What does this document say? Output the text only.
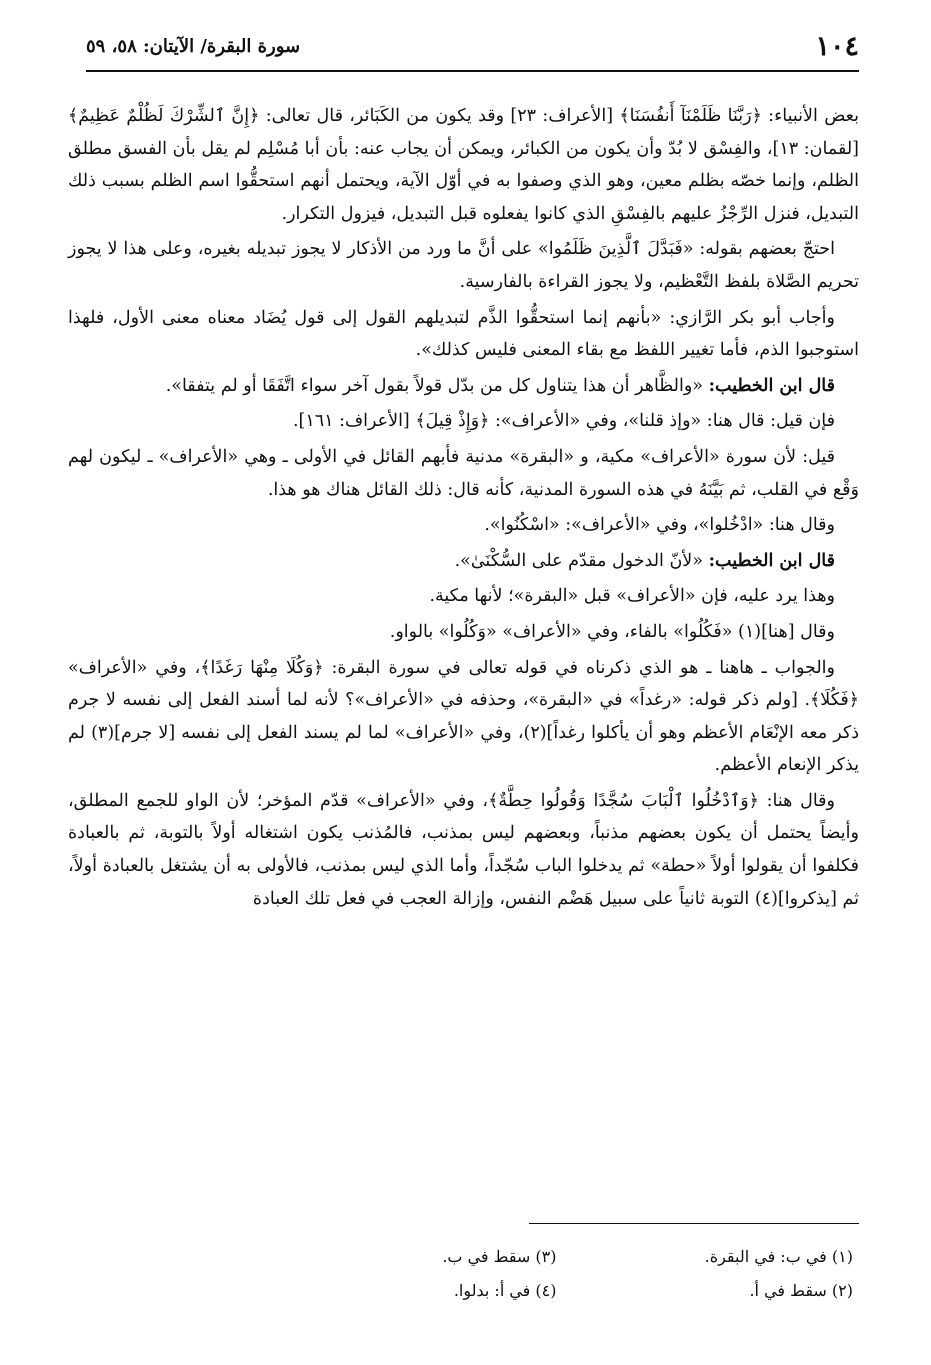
١٠٤
سورة البقرة/ الآيتان: ٥٨، ٥٩

بعض الأنبياء: ﴿رَبَّنَا ظَلَمْنَآ أَنفُسَنَا﴾ [الأعراف: ٢٣] وقد يكون من الكَبَائر، قال تعالى: ﴿إِنَّ ٱلشِّرْكَ لَظُلْمٌ عَظِيمٌ﴾ [لقمان: ١٣]، والفِسْق لا بُدّ وأن يكون من الكبائر، ويمكن أن يجاب عنه: بأن أبا مُسْلِم لم يقل بأن الفسق مطلق الظلم، وإنما خصّه بظلم معين، وهو الذي وصفوا به في أوّل الآية، ويحتمل أنهم استحقُّوا اسم الظلم بسبب ذلك التبديل، فنزل الرِّجْزُ عليهم بالفِسْقِ الذي كانوا يفعلوه قبل التبديل، فيزول التكرار.

احتجّ بعضهم بقوله: «فَبَدَّلَ ٱلَّذِينَ ظَلَمُوا» على أنَّ ما ورد من الأذكار لا يجوز تبديله بغيره، وعلى هذا لا يجوز تحريم الصَّلاة بلفظ التَّعْظيم، ولا يجوز القراءة بالفارسية.

وأجاب أبو بكر الرَّازي: «بأنهم إنما استحقُّوا الذَّم لتبديلهم القول إلى قول يُضَاد معناه معنى الأول، فلهذا استوجبوا الذم، فأما تغيير اللفظ مع بقاء المعنى فليس كذلك».

قال ابن الخطيب: «والظَّاهر أن هذا يتناول كل من بدّل قولاً بقول آخر سواء اتَّفَقَا أو لم يتفقا».

فإن قيل: قال هنا: «وإذ قلنا»، وفي «الأعراف»: ﴿وَإِذْ قِيلَ﴾ [الأعراف: ١٦١].

قيل: لأن سورة «الأعراف» مكية، و «البقرة» مدنية فأبهم القائل في الأولى ـ وهي «الأعراف» ـ ليكون لهم وَقْع في القلب، ثم بَيَّنَهُ في هذه السورة المدنية، كأنه قال: ذلك القائل هناك هو هذا.

وقال هنا: «ادْخُلوا»، وفي «الأعراف»: «اسْكُنُوا».

قال ابن الخطيب: «لأنّ الدخول مقدّم على السُّكْنَىٰ».

وهذا يرد عليه، فإن «الأعراف» قبل «البقرة»؛ لأنها مكية.

وقال [هنا](١) «فَكُلُوا» بالفاء، وفي «الأعراف» «وَكُلُوا» بالواو.

والجواب ـ هاهنا ـ هو الذي ذكرناه في قوله تعالى في سورة البقرة: ﴿وَكُلَا مِنْهَا رَغَدًا﴾، وفي «الأعراف» ﴿فَكُلَا﴾. [ولم ذكر قوله: «رغداً» في «البقرة»، وحذفه في «الأعراف»؟ لأنه لما أسند الفعل إلى نفسه لا جرم ذكر معه الإنْعَام الأعظم وهو أن يأكلوا رغداً](٢)، وفي «الأعراف» لما لم يسند الفعل إلى نفسه [لا جرم](٣) لم يذكر الإنعام الأعظم.

وقال هنا: ﴿وَٱدْخُلُوا ٱلْبَابَ سُجَّدًا وَقُولُوا حِطَّةٌ﴾، وفي «الأعراف» قدّم المؤخر؛ لأن الواو للجمع المطلق، وأيضاً يحتمل أن يكون بعضهم مذنباً، وبعضهم ليس بمذنب، فالمُذنب يكون اشتغاله أولاً بالتوبة، ثم بالعبادة فكلفوا أن يقولوا أولاً «حطة» ثم يدخلوا الباب سُجّداً، وأما الذي ليس بمذنب، فالأولى به أن يشتغل بالعبادة أولاً، ثم [يذكروا](٤) التوبة ثانياً على سبيل هَضْم النفس، وإزالة العجب في فعل تلك العبادة

(١) في ب: في البقرة.
(٣) سقط في ب.
(٢) سقط في أ.
(٤) في أ: بدلوا.
